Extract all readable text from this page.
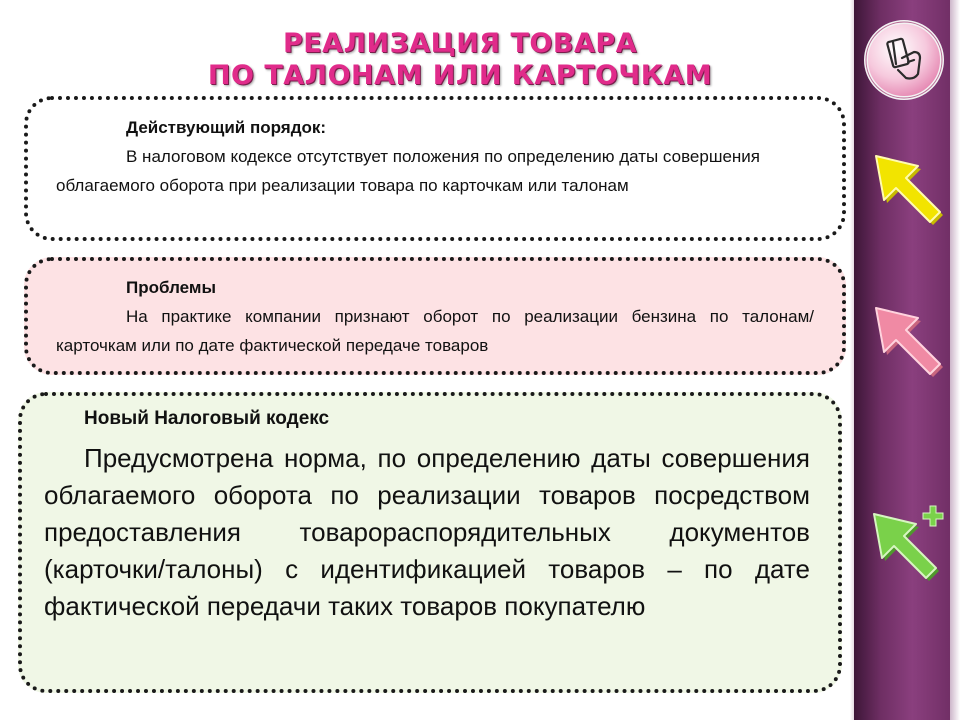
РЕАЛИЗАЦИЯ ТОВАРА
ПО ТАЛОНАМ ИЛИ КАРТОЧКАМ
Действующий порядок:
В налоговом кодексе отсутствует положения по определению даты совершения облагаемого оборота при реализации товара по карточкам или талонам
Проблемы
На практике компании признают оборот по реализации бензина по талонам/ карточкам или по дате фактической передаче товаров
Новый Налоговый кодекс
Предусмотрена норма, по определению даты совершения облагаемого оборота по реализации товаров посредством предоставления товарораспорядительных документов (карточки/талоны) с идентификацией товаров – по дате фактической передачи таких товаров покупателю
